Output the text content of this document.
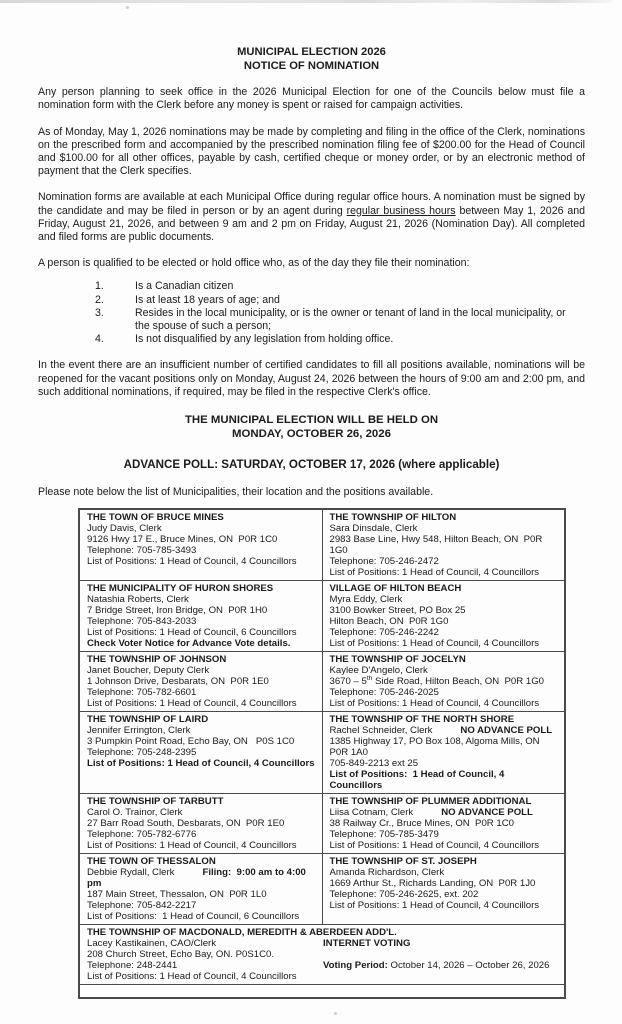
MUNICIPAL ELECTION 2026
NOTICE OF NOMINATION
Any person planning to seek office in the 2026 Municipal Election for one of the Councils below must file a nomination form with the Clerk before any money is spent or raised for campaign activities.
As of Monday, May 1, 2026 nominations may be made by completing and filing in the office of the Clerk, nominations on the prescribed form and accompanied by the prescribed nomination filing fee of $200.00 for the Head of Council and $100.00 for all other offices, payable by cash, certified cheque or money order, or by an electronic method of payment that the Clerk specifies.
Nomination forms are available at each Municipal Office during regular office hours. A nomination must be signed by the candidate and may be filed in person or by an agent during regular business hours between May 1, 2026 and Friday, August 21, 2026, and between 9 am and 2 pm on Friday, August 21, 2026 (Nomination Day). All completed and filed forms are public documents.
A person is qualified to be elected or hold office who, as of the day they file their nomination:
1.	Is a Canadian citizen
2.	Is at least 18 years of age; and
3.	Resides in the local municipality, or is the owner or tenant of land in the local municipality, or the spouse of such a person;
4.	Is not disqualified by any legislation from holding office.
In the event there are an insufficient number of certified candidates to fill all positions available, nominations will be reopened for the vacant positions only on Monday, August 24, 2026 between the hours of 9:00 am and 2:00 pm, and such additional nominations, if required, may be filed in the respective Clerk's office.
THE MUNICIPAL ELECTION WILL BE HELD ON
MONDAY, OCTOBER 26, 2026
ADVANCE POLL: SATURDAY, OCTOBER 17, 2026 (where applicable)
Please note below the list of Municipalities, their location and the positions available.
THE TOWN OF BRUCE MINES
Judy Davis, Clerk
9126 Hwy 17 E., Bruce Mines, ON  P0R 1C0
Telephone: 705-785-3493
List of Positions: 1 Head of Council, 4 Councillors

THE TOWNSHIP OF HILTON
Sara Dinsdale, Clerk
2983 Base Line, Hwy 548, Hilton Beach, ON  P0R 1G0
Telephone: 705-246-2472
List of Positions: 1 Head of Council, 4 Councillors

THE MUNICIPALITY OF HURON SHORES
Natashia Roberts, Clerk
7 Bridge Street, Iron Bridge, ON  P0R 1H0
Telephone: 705-843-2033
List of Positions: 1 Head of Council, 6 Councillors
Check Voter Notice for Advance Vote details.

VILLAGE OF HILTON BEACH
Myra Eddy, Clerk
3100 Bowker Street, PO Box 25
Hilton Beach, ON  P0R 1G0
Telephone: 705-246-2242
List of Positions: 1 Head of Council, 4 Councillors

THE TOWNSHIP OF JOHNSON
Janet Boucher, Deputy Clerk
1 Johnson Drive, Desbarats, ON  P0R 1E0
Telephone: 705-782-6601
List of Positions: 1 Head of Council, 4 Councillors

THE TOWNSHIP OF JOCELYN
Kaylee D'Angelo, Clerk
3670 – 5th Side Road, Hilton Beach, ON  P0R 1G0
Telephone: 705-246-2025
List of Positions: 1 Head of Council, 4 Councillors

THE TOWNSHIP OF LAIRD
Jennifer Errington, Clerk
3 Pumpkin Point Road, Echo Bay, ON   P0S 1C0
Telephone: 705-248-2395
List of Positions: 1 Head of Council, 4 Councillors

THE TOWNSHIP OF THE NORTH SHORE
Rachel Schneider, Clerk	NO ADVANCE POLL
1385 Highway 17, PO Box 108, Algoma Mills, ON
P0R 1A0
705-849-2213 ext 25
List of Positions:  1 Head of Council, 4 Councillors

THE TOWNSHIP OF TARBUTT
Carol O. Trainor, Clerk
27 Barr Road South, Desbarats, ON  P0R 1E0
Telephone: 705-782-6776
List of Positions: 1 Head of Council, 4 Councillors

THE TOWNSHIP OF PLUMMER ADDITIONAL
Liisa Cotnam, Clerk	NO ADVANCE POLL
38 Railway Cr., Bruce Mines, ON  P0R 1C0
Telephone: 705-785-3479
List of Positions: 1 Head of Council, 4 Councillors

THE TOWN OF THESSALON
Debbie Rydall, Clerk	Filing:  9:00 am to 4:00 pm
187 Main Street, Thessalon, ON  P0R 1L0
Telephone: 705-842-2217
List of Positions:  1 Head of Council, 6 Councillors

THE TOWNSHIP OF ST. JOSEPH
Amanda Richardson, Clerk
1669 Arthur St., Richards Landing, ON  P0R 1J0
Telephone: 705-246-2625, ext. 202
List of Positions: 1 Head of Council, 4 Councillors

THE TOWNSHIP OF MACDONALD, MEREDITH & ABERDEEN ADD'L.
Lacey Kastikainen, CAO/Clerk
208 Church Street, Echo Bay, ON. P0S1C0.
Telephone: 248-2441
List of Positions: 1 Head of Council, 4 Councillors
INTERNET VOTING
Voting Period: October 14, 2026 – October 26, 2026
